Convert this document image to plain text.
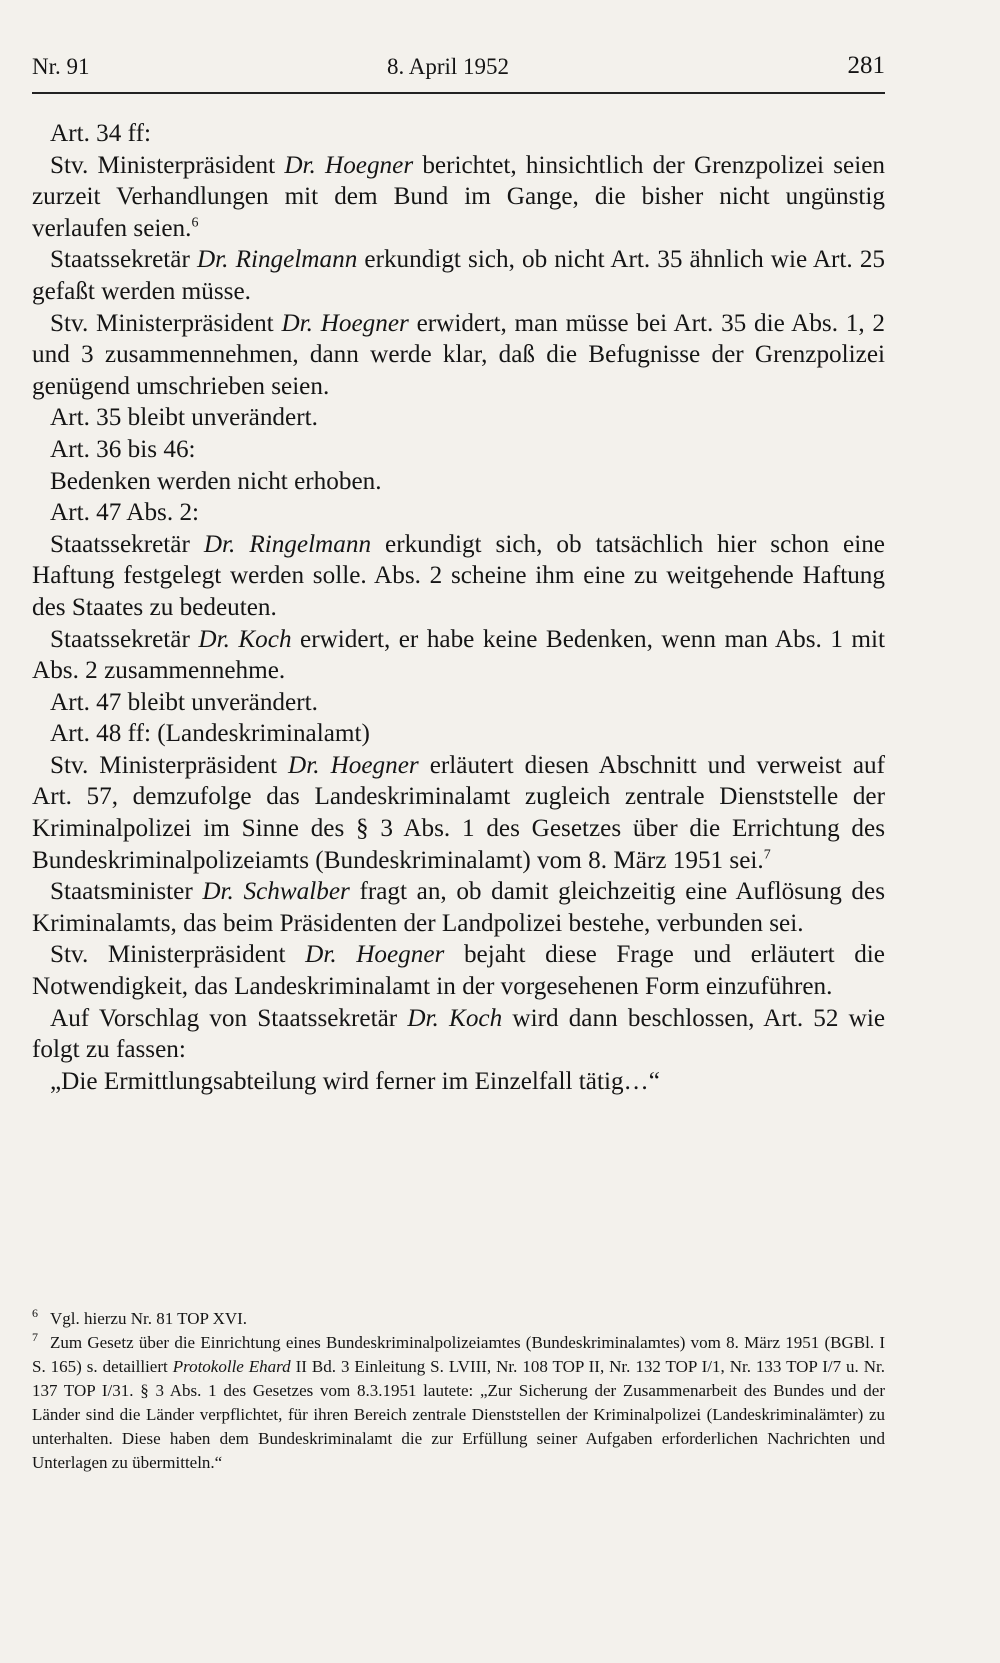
Nr. 91	8. April 1952	281

Art. 34 ff:

Stv. Ministerpräsident Dr. Hoegner berichtet, hinsichtlich der Grenzpolizei seien zurzeit Verhandlungen mit dem Bund im Gange, die bisher nicht ungünstig verlaufen seien.$^6$

Staatssekretär Dr. Ringelmann erkundigt sich, ob nicht Art. 35 ähnlich wie Art. 25 gefaßt werden müsse.

Stv. Ministerpräsident Dr. Hoegner erwidert, man müsse bei Art. 35 die Abs. 1, 2 und 3 zusammennehmen, dann werde klar, daß die Befugnisse der Grenzpolizei genügend umschrieben seien.

Art. 35 bleibt unverändert.

Art. 36 bis 46:

Bedenken werden nicht erhoben.

Art. 47 Abs. 2:

Staatssekretär Dr. Ringelmann erkundigt sich, ob tatsächlich hier schon eine Haftung festgelegt werden solle. Abs. 2 scheine ihm eine zu weitgehende Haftung des Staates zu bedeuten.

Staatssekretär Dr. Koch erwidert, er habe keine Bedenken, wenn man Abs. 1 mit Abs. 2 zusammennehme.

Art. 47 bleibt unverändert.

Art. 48 ff: (Landeskriminalamt)

Stv. Ministerpräsident Dr. Hoegner erläutert diesen Abschnitt und verweist auf Art. 57, demzufolge das Landeskriminalamt zugleich zentrale Dienststelle der Kriminalpolizei im Sinne des § 3 Abs. 1 des Gesetzes über die Errichtung des Bundeskriminalpolizeiamts (Bundeskriminalamt) vom 8. März 1951 sei.$^7$

Staatsminister Dr. Schwalber fragt an, ob damit gleichzeitig eine Auflösung des Kriminalamts, das beim Präsidenten der Landpolizei bestehe, verbunden sei.

Stv. Ministerpräsident Dr. Hoegner bejaht diese Frage und erläutert die Notwendigkeit, das Landeskriminalamt in der vorgesehenen Form einzuführen.

Auf Vorschlag von Staatssekretär Dr. Koch wird dann beschlossen, Art. 52 wie folgt zu fassen:

„Die Ermittlungsabteilung wird ferner im Einzelfall tätig…“

$^6$ Vgl. hierzu Nr. 81 TOP XVI.

$^7$ Zum Gesetz über die Einrichtung eines Bundeskriminalpolizeiamtes (Bundeskriminalamtes) vom 8. März 1951 (BGBl. I S. 165) s. detailliert Protokolle Ehard II Bd. 3 Einleitung S. LVIII, Nr. 108 TOP II, Nr. 132 TOP I/1, Nr. 133 TOP I/7 u. Nr. 137 TOP I/31. § 3 Abs. 1 des Gesetzes vom 8.3.1951 lautete: „Zur Sicherung der Zusammenarbeit des Bundes und der Länder sind die Länder verpflichtet, für ihren Bereich zentrale Dienststellen der Kriminalpolizei (Landeskriminalämter) zu unterhalten. Diese haben dem Bundeskriminalamt die zur Erfüllung seiner Aufgaben erforderlichen Nachrichten und Unterlagen zu übermitteln.“
